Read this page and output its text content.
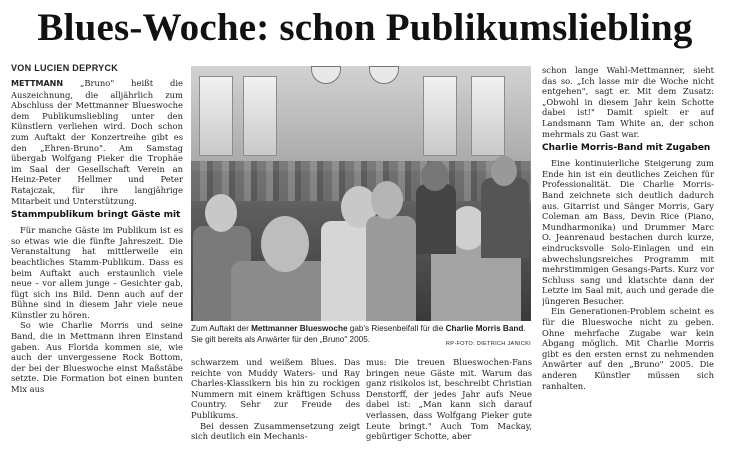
Blues-Woche: schon Publikumsliebling
VON LUCIEN DEPRYCK

METTMANN „Bruno" heißt die Auszeichnung, die alljährlich zum Abschluss der Mettmanner Blueswoche dem Publikumsliebling unter den Künstlern verliehen wird. Doch schon zum Auftakt der Konzertreihe gibt es den „Ehren-Bruno". Am Samstag übergab Wolfgang Pieker die Trophäe im Saal der Gesellschaft Verein an Heinz-Peter Hellmer und Peter Ratajczak, für ihre langjährige Mitarbeit und Unterstützung.

Stammpublikum bringt Gäste mit

Für manche Gäste im Publikum ist es so etwas wie die fünfte Jahreszeit. Die Veranstaltung hat mittlerweile ein beachtliches Stamm-Publikum. Dass es beim Auftakt auch erstaunlich viele neue – vor allem junge – Gesichter gab, fügt sich ins Bild. Denn auch auf der Bühne sind in diesem Jahr viele neue Künstler zu hören.

So wie Charlie Morris und seine Band, die in Mettmann ihren Einstand gaben. Aus Florida kommen sie, wie auch der unvergessene Rock Bottom, der bei der Blueswoche einst Maßstäbe setzte. Die Formation bot einen bunten Mix aus

Zum Auftakt der Mettmanner Blueswoche gab's Riesenbeifall für die Charlie Morris Band. Sie gilt bereits als Anwärter für den „Bruno" 2005.	RP-FOTO: DIETRICH JANICKI

schwarzem und weißem Blues. Das reichte von Muddy Waters- und Ray Charles-Klassikern bis hin zu rockigen Nummern mit einem kräftigen Schuss Country. Sehr zur Freude des Publikums.

Bei dessen Zusammensetzung zeigt sich deutlich ein Mechanis-

mus: Die treuen Blueswochen-Fans bringen neue Gäste mit. Warum das ganz risikolos ist, beschreibt Christian Denstorff, der jedes Jahr aufs Neue dabei ist: „Man kann sich darauf verlassen, dass Wolfgang Pieker gute Leute bringt." Auch Tom Mackay, gebürtiger Schotte, aber

schon lange Wahl-Mettmanner, sieht das so. „Ich lasse mir die Woche nicht entgehen", sagt er. Mit dem Zusatz: „Obwohl in diesem Jahr kein Schotte dabei ist!" Damit spielt er auf Landsmann Tam White an, der schon mehrmals zu Gast war.

Charlie Morris-Band mit Zugaben

Eine kontinuierliche Steigerung zum Ende hin ist ein deutliches Zeichen für Professionalität. Die Charlie Morris-Band zeichnete sich deutlich dadurch aus. Gitarrist und Sänger Morris, Gary Coleman am Bass, Devin Rice (Piano, Mundharmonika) und Drummer Marc O. Jeanrenaud bestachen durch kurze, eindrucksvolle Solo-Einlagen und ein abwechslungsreiches Programm mit mehrstimmigen Gesangs-Parts. Kurz vor Schluss sang und klatschte dann der Letzte im Saal mit, auch und gerade die jüngeren Besucher.

Ein Generationen-Problem scheint es für die Blueswoche nicht zu geben. Ohne mehrfache Zugabe war kein Abgang möglich. Mit Charlie Morris gibt es den ersten ernst zu nehmenden Anwärter auf den „Bruno" 2005. Die anderen Künstler müssen sich ranhalten.
